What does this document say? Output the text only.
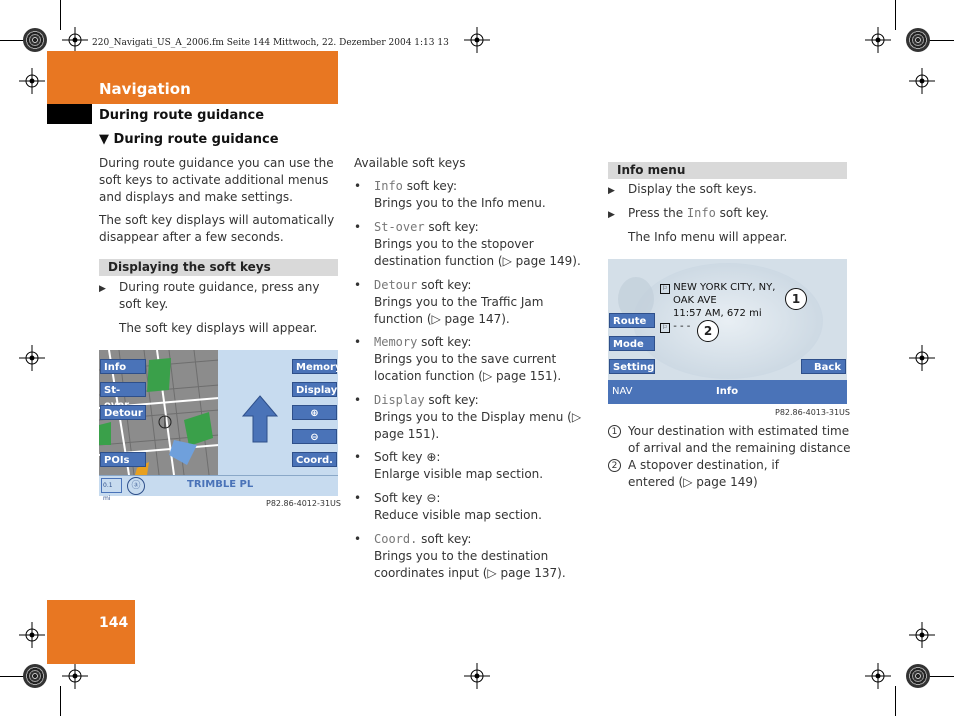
220_Navigati_US_A_2006.fm Seite 144 Mittwoch, 22. Dezember 2004 1:13 13
Navigation
During route guidance
▼ During route guidance
During route guidance you can use the soft keys to activate additional menus and displays and make settings.
The soft key displays will automatically disappear after a few seconds.
Displaying the soft keys
▶ During route guidance, press any soft key.
The soft key displays will appear.
Info
St-
Detour
POIs
Memory
Display
⊕
⊖
Coord.
0.1 mi
ⓐ	TRIMBLE PL
P82.86-4012-31US
Available soft keys
• Info soft key:
Brings you to the Info menu.
• St-over soft key:
Brings you to the stopover destination function (▷ page 149).
• Detour soft key:
Brings you to the Traffic Jam function (▷ page 147).
• Memory soft key:
Brings you to the save current location function (▷ page 151).
• Display soft key:
Brings you to the Display menu (▷ page 151).
• Soft key ⊕:
Enlarge visible map section.
• Soft key ⊖:
Reduce visible map section.
• Coord. soft key:
Brings you to the destination coordinates input (▷ page 137).
Info menu
▶ Display the soft keys.
▶ Press the Info soft key.
The Info menu will appear.
⚐ NEW YORK CITY, NY,
OAK AVE
11:57 AM, 672 mi
⚐ - - -
1
2
Route
Mode
Setting	Back
NAV	Info
P82.86-4013-31US
1 Your destination with estimated time of arrival and the remaining distance
2 A stopover destination, if entered (▷ page 149)
144
